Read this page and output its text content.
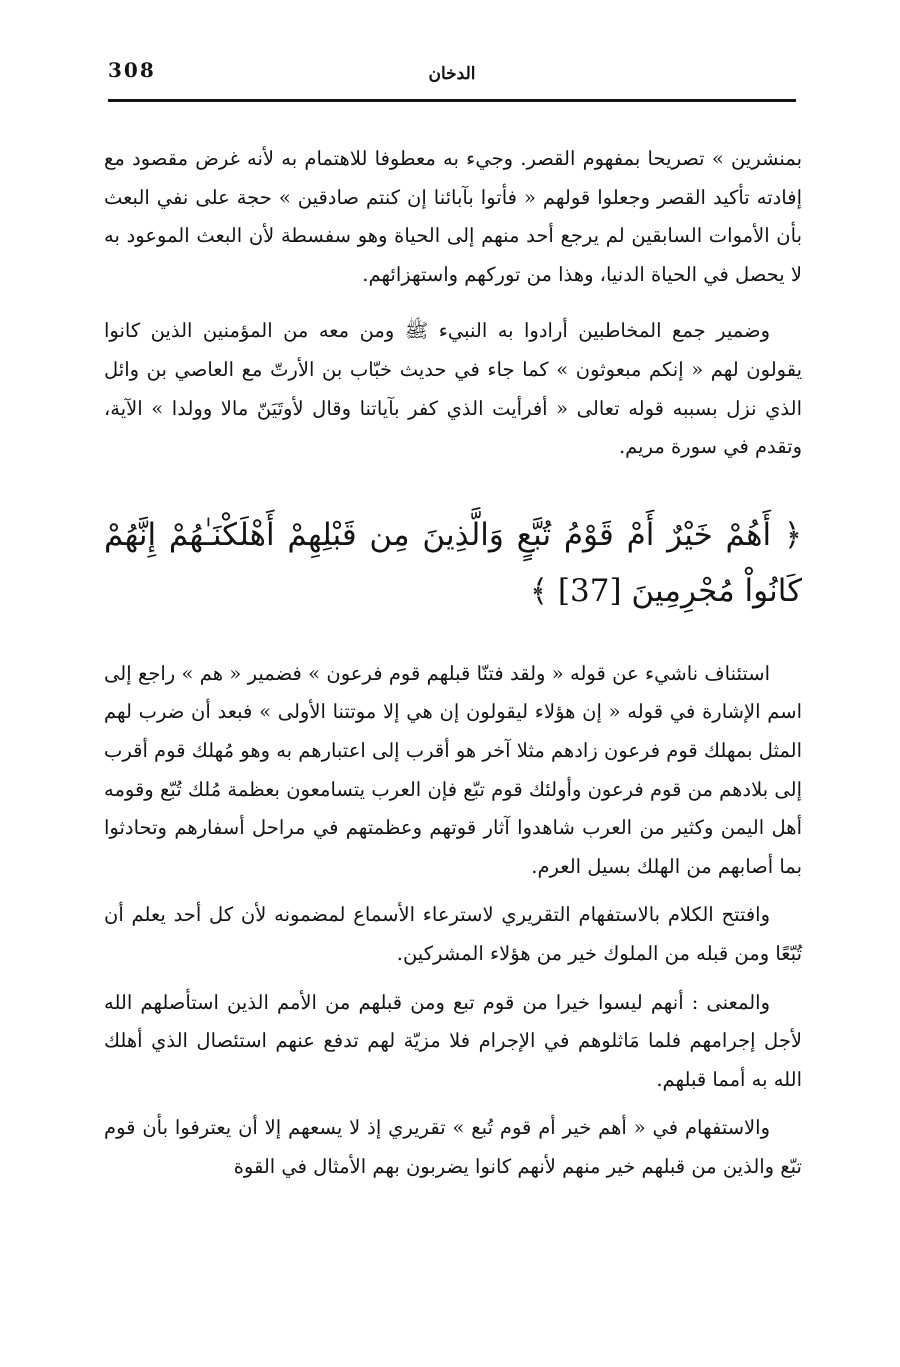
308	الدخان

بمنشرين » تصريحا بمفهوم القصر. وجيء به معطوفا للاهتمام به لأنه غرض مقصود مع إفادته تأكيد القصر وجعلوا قولهم « فأتوا بآبائنا إن كنتم صادقين » حجة على نفي البعث بأن الأموات السابقين لم يرجع أحد منهم إلى الحياة وهو سفسطة لأن البعث الموعود به لا يحصل في الحياة الدنيا، وهذا من توركهم واستهزائهم.

وضمير جمع المخاطبين أرادوا به النبيء ﷺ ومن معه من المؤمنين الذين كانوا يقولون لهم « إنكم مبعوثون » كما جاء في حديث خبّاب بن الأرتّ مع العاصي بن وائل الذي نزل بسببه قوله تعالى « أفرأيت الذي كفر بآياتنا وقال لأوتَيَنّ مالا وولدا » الآية، وتقدم في سورة مريم.

﴿ أَهُمْ خَيْرٌ أَمْ قَوْمُ تُبَّعٍ وَالَّذِينَ مِن قَبْلِهِمْ أَهْلَكْنَـٰهُمْ إِنَّهُمْ كَانُواْ مُجْرِمِينَ [37] ﴾

استئناف ناشيء عن قوله « ولقد فتنّا قبلهم قوم فرعون » فضمير « هم » راجع إلى اسم الإشارة في قوله « إن هؤلاء ليقولون إن هي إلا موتتنا الأولى » فبعد أن ضرب لهم المثل بمهلك قوم فرعون زادهم مثلا آخر هو أقرب إلى اعتبارهم به وهو مُهلك قوم أقرب إلى بلادهم من قوم فرعون وأولئك قوم تبّع فإن العرب يتسامعون بعظمة مُلك تُبّع وقومه أهل اليمن وكثير من العرب شاهدوا آثار قوتهم وعظمتهم في مراحل أسفارهم وتحادثوا بما أصابهم من الهلك بسيل العرم.

وافتتح الكلام بالاستفهام التقريري لاسترعاء الأسماع لمضمونه لأن كل أحد يعلم أن تُبّعًا ومن قبله من الملوك خير من هؤلاء المشركين.

والمعنى : أنهم ليسوا خيرا من قوم تبع ومن قبلهم من الأمم الذين استأصلهم الله لأجل إجرامهم فلما مَاثلوهم في الإجرام فلا مزيّة لهم تدفع عنهم استئصال الذي أهلك الله به أمما قبلهم.

والاستفهام في « أهم خير أم قوم تُبع » تقريري إذ لا يسعهم إلا أن يعترفوا بأن قوم تبّع والذين من قبلهم خير منهم لأنهم كانوا يضربون بهم الأمثال في القوة
